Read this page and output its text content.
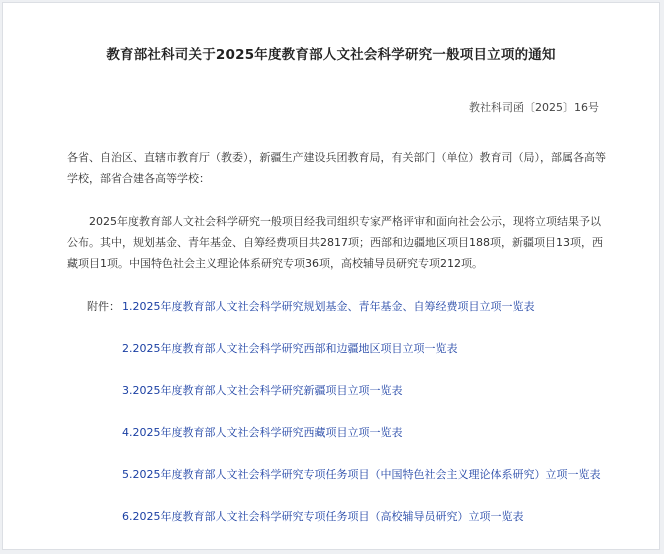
教育部社科司关于2025年度教育部人文社会科学研究一般项目立项的通知
教社科司函〔2025〕16号
各省、自治区、直辖市教育厅（教委），新疆生产建设兵团教育局，有关部门（单位）教育司（局），部属各高等学校，部省合建各高等学校：
2025年度教育部人文社会科学研究一般项目经我司组织专家严格评审和面向社会公示，现将立项结果予以公布。其中，规划基金、青年基金、自筹经费项目共2817项；西部和边疆地区项目188项，新疆项目13项，西藏项目1项。中国特色社会主义理论体系研究专项36项，高校辅导员研究专项212项。
附件： 1.2025年度教育部人文社会科学研究规划基金、青年基金、自筹经费项目立项一览表
2.2025年度教育部人文社会科学研究西部和边疆地区项目立项一览表
3.2025年度教育部人文社会科学研究新疆项目立项一览表
4.2025年度教育部人文社会科学研究西藏项目立项一览表
5.2025年度教育部人文社会科学研究专项任务项目（中国特色社会主义理论体系研究）立项一览表
6.2025年度教育部人文社会科学研究专项任务项目（高校辅导员研究）立项一览表
